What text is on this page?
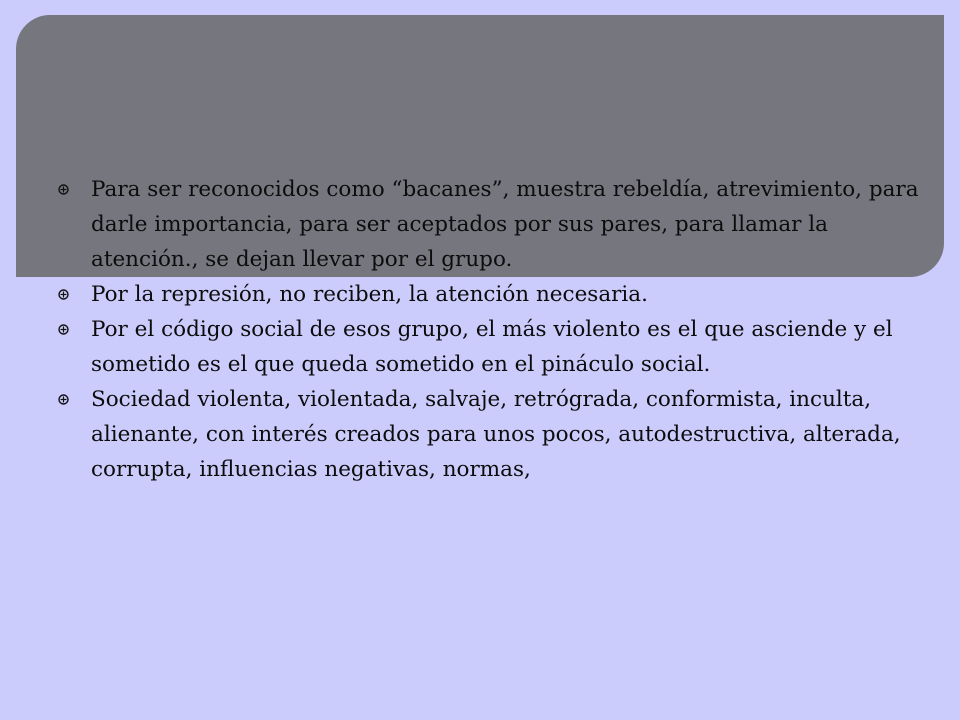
Para ser reconocidos como “bacanes”, muestra rebeldía, atrevimiento, para darle importancia, para ser aceptados por sus pares, para llamar la atención., se dejan llevar por el grupo.
Por la represión, no reciben, la atención necesaria.
Por el código social de esos grupo, el más violento es el que asciende y el sometido es el que queda sometido en el pináculo social.
Sociedad violenta, violentada, salvaje, retrógrada, conformista, inculta, alienante, con interés creados para unos pocos, autodestructiva, alterada, corrupta, influencias negativas, normas,
